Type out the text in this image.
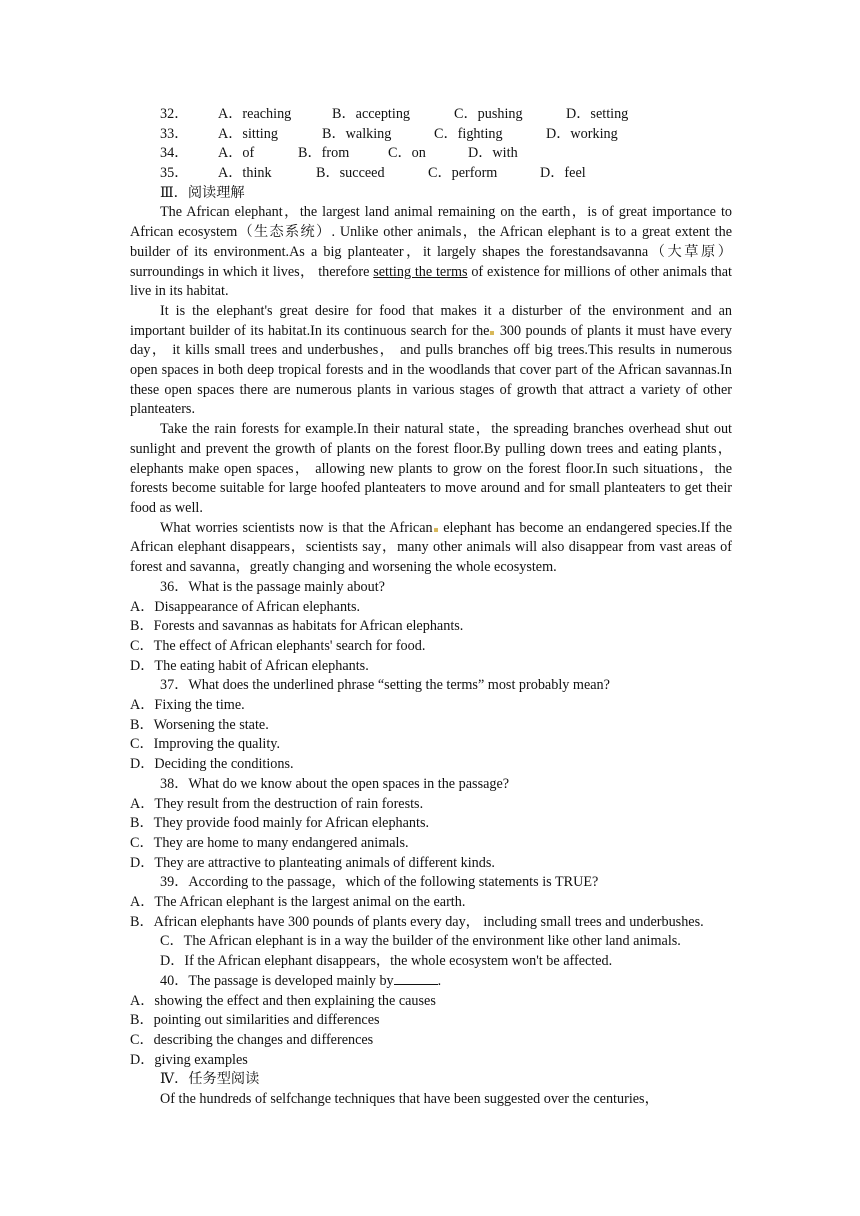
32．	A．reaching	B．accepting	C．pushing	D．setting
33．	A．sitting	B．walking	C．fighting	D．working
34．	A．of	B．from	C．on	D．with
35．	A．think	B．succeed	C．perform	D．feel
Ⅲ．阅读理解
The African elephant，the largest land animal remaining on the earth，is of great importance to African ecosystem（生态系统）. Unlike other animals，the African elephant is to a great extent the builder of its environment.As a big planteater，it largely shapes the forestandsavanna（大草原）surroundings in which it lives， therefore setting the terms of existence for millions of other animals that live in its habitat.
It is the elephant's great desire for food that makes it a disturber of the environment and an important builder of its habitat.In its continuous search for the 300 pounds of plants it must have every day， it kills small trees and underbushes， and pulls branches off big trees.This results in numerous open spaces in both deep tropical forests and in the woodlands that cover part of the African savannas.In these open spaces there are numerous plants in various stages of growth that attract a variety of other planteaters.
Take the rain forests for example.In their natural state，the spreading branches overhead shut out sunlight and prevent the growth of plants on the forest floor.By pulling down trees and eating plants， elephants make open spaces， allowing new plants to grow on the forest floor.In such situations，the forests become suitable for large hoofed planteaters to move around and for small planteaters to get their food as well.
What worries scientists now is that the African elephant has become an endangered species.If the African elephant disappears，scientists say，many other animals will also disappear from vast areas of forest and savanna，greatly changing and worsening the whole ecosystem.
36．What is the passage mainly about?
A．Disappearance of African elephants.
B．Forests and savannas as habitats for African elephants.
C．The effect of African elephants' search for food.
D．The eating habit of African elephants.
37．What does the underlined phrase “setting the terms” most probably mean?
A．Fixing the time.
B．Worsening the state.
C．Improving the quality.
D．Deciding the conditions.
38．What do we know about the open spaces in the passage?
A．They result from the destruction of rain forests.
B．They provide food mainly for African elephants.
C．They are home to many endangered animals.
D．They are attractive to planteating animals of different kinds.
39．According to the passage，which of the following statements is TRUE?
A．The African elephant is the largest animal on the earth.
B．African elephants have 300 pounds of plants every day， including small trees and underbushes.
C．The African elephant is in a way the builder of the environment like other land animals.
D．If the African elephant disappears，the whole ecosystem won't be affected.
40．The passage is developed mainly by	.
A．showing the effect and then explaining the causes
B．pointing out similarities and differences
C．describing the changes and differences
D．giving examples
Ⅳ．任务型阅读
Of the hundreds of selfchange techniques that have been suggested over the centuries，
